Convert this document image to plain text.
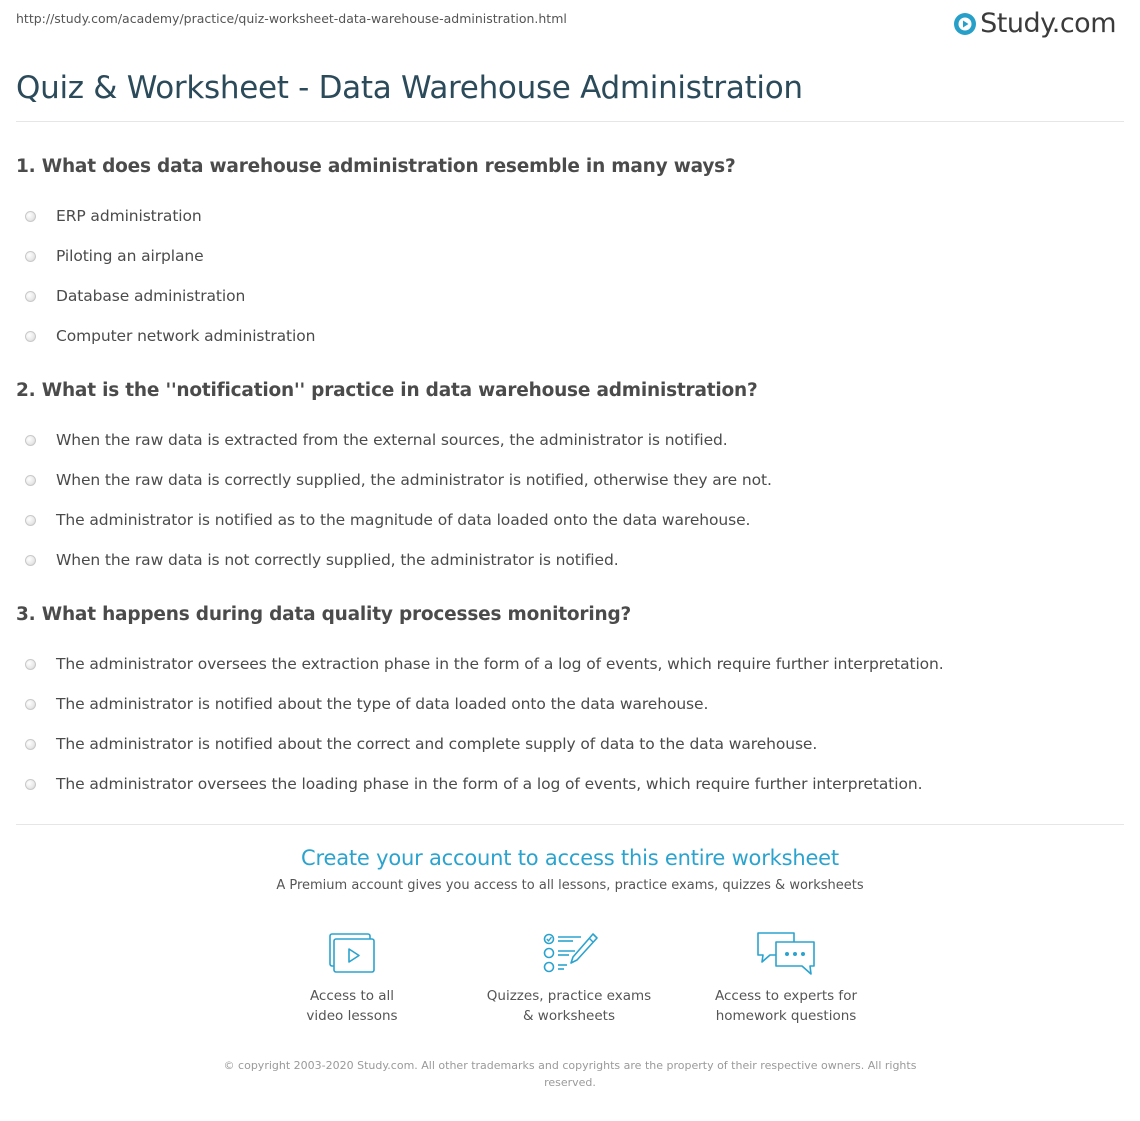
http://study.com/academy/practice/quiz-worksheet-data-warehouse-administration.html	Study.com
Quiz & Worksheet - Data Warehouse Administration
1. What does data warehouse administration resemble in many ways?
ERP administration
Piloting an airplane
Database administration
Computer network administration
2. What is the ''notification'' practice in data warehouse administration?
When the raw data is extracted from the external sources, the administrator is notified.
When the raw data is correctly supplied, the administrator is notified, otherwise they are not.
The administrator is notified as to the magnitude of data loaded onto the data warehouse.
When the raw data is not correctly supplied, the administrator is notified.
3. What happens during data quality processes monitoring?
The administrator oversees the extraction phase in the form of a log of events, which require further interpretation.
The administrator is notified about the type of data loaded onto the data warehouse.
The administrator is notified about the correct and complete supply of data to the data warehouse.
The administrator oversees the loading phase in the form of a log of events, which require further interpretation.
Create your account to access this entire worksheet
A Premium account gives you access to all lessons, practice exams, quizzes & worksheets
Access to all
video lessons
Quizzes, practice exams
& worksheets
Access to experts for
homework questions
© copyright 2003-2020 Study.com. All other trademarks and copyrights are the property of their respective owners. All rights reserved.
